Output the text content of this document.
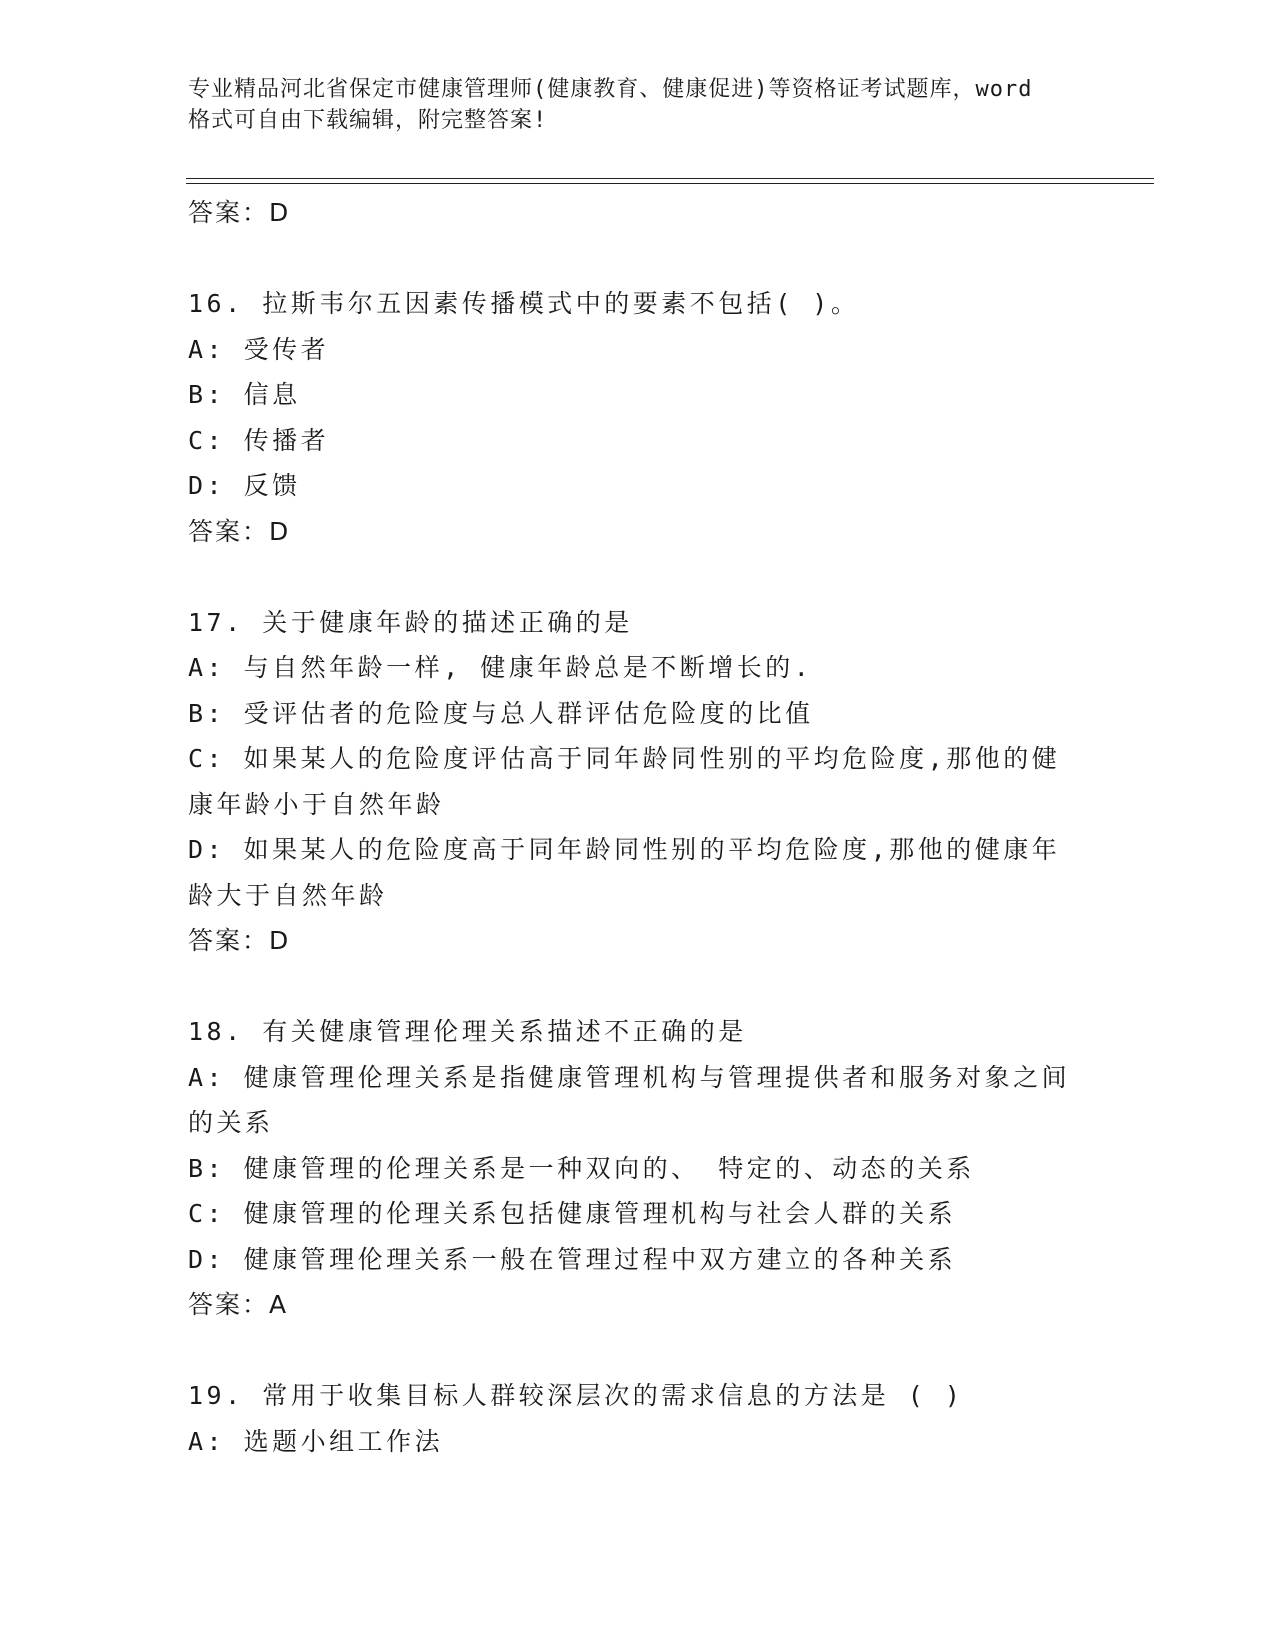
专业精品河北省保定市健康管理师(健康教育、健康促进)等资格证考试题库，word
格式可自由下载编辑，附完整答案!
答案：D
16. 拉斯韦尔五因素传播模式中的要素不包括( )。
A: 受传者
B: 信息
C: 传播者
D: 反馈
答案：D
17. 关于健康年龄的描述正确的是
A: 与自然年龄一样, 健康年龄总是不断增长的.
B: 受评估者的危险度与总人群评估危险度的比值
C: 如果某人的危险度评估高于同年龄同性别的平均危险度,那他的健
康年龄小于自然年龄
D: 如果某人的危险度高于同年龄同性别的平均危险度,那他的健康年
龄大于自然年龄
答案：D
18. 有关健康管理伦理关系描述不正确的是
A: 健康管理伦理关系是指健康管理机构与管理提供者和服务对象之间
的关系
B: 健康管理的伦理关系是一种双向的、 特定的、动态的关系
C: 健康管理的伦理关系包括健康管理机构与社会人群的关系
D: 健康管理伦理关系一般在管理过程中双方建立的各种关系
答案：A
19. 常用于收集目标人群较深层次的需求信息的方法是 ( )
A: 选题小组工作法
